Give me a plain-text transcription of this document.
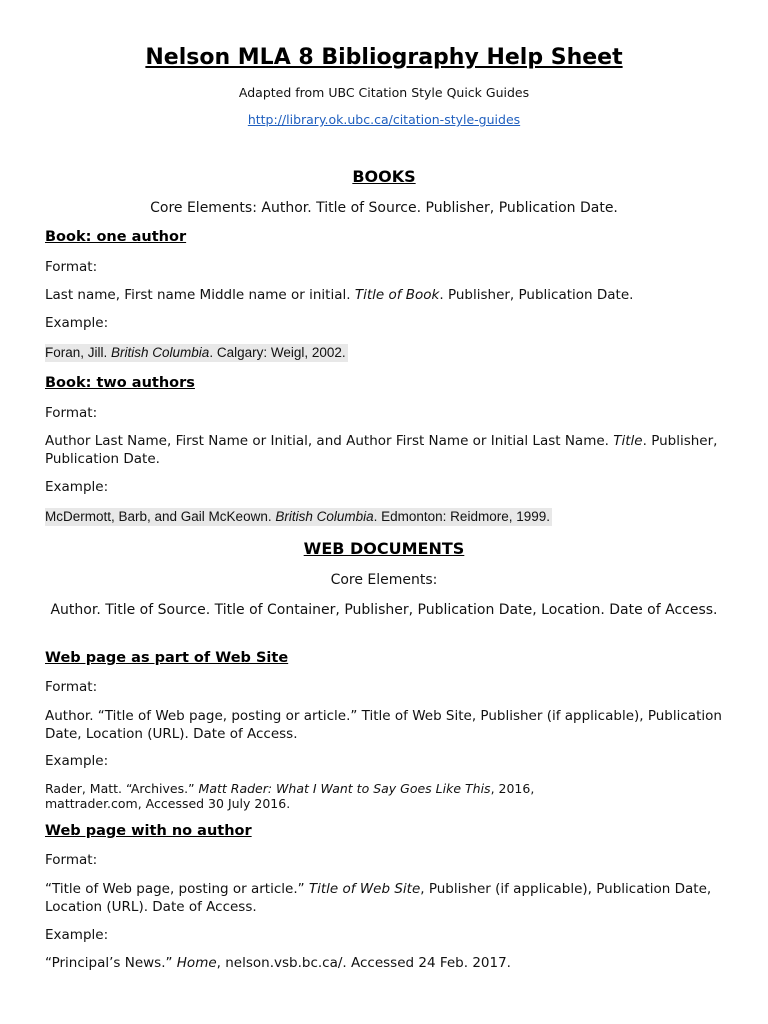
Nelson MLA 8 Bibliography Help Sheet
Adapted from UBC Citation Style Quick Guides
http://library.ok.ubc.ca/citation-style-guides
BOOKS
Core Elements: Author. Title of Source. Publisher, Publication Date.
Book: one author
Format:
Last name, First name Middle name or initial. Title of Book. Publisher, Publication Date.
Example:
Foran, Jill. British Columbia. Calgary: Weigl, 2002.
Book: two authors
Format:
Author Last Name, First Name or Initial, and Author First Name or Initial Last Name. Title. Publisher, Publication Date.
Example:
McDermott, Barb, and Gail McKeown. British Columbia. Edmonton: Reidmore, 1999.
WEB DOCUMENTS
Core Elements:
Author. Title of Source. Title of Container, Publisher, Publication Date, Location. Date of Access.
Web page as part of Web Site
Format:
Author. “Title of Web page, posting or article.” Title of Web Site, Publisher (if applicable), Publication Date, Location (URL). Date of Access.
Example:
Rader, Matt. “Archives.” Matt Rader: What I Want to Say Goes Like This, 2016, mattrader.com, Accessed 30 July 2016.
Web page with no author
Format:
“Title of Web page, posting or article.” Title of Web Site, Publisher (if applicable), Publication Date, Location (URL). Date of Access.
Example:
“Principal’s News.” Home, nelson.vsb.bc.ca/. Accessed 24 Feb. 2017.
